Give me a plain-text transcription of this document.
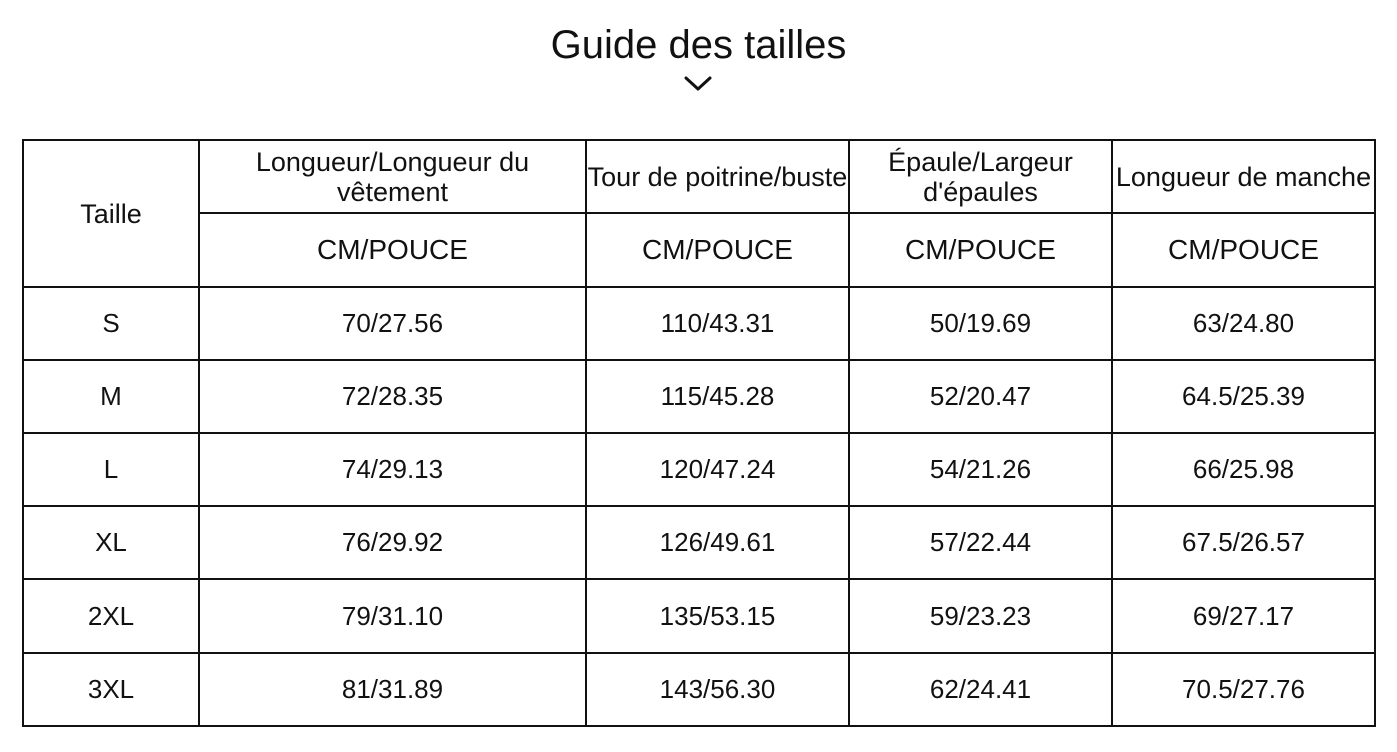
Guide des tailles
Taille	Longueur/Longueur du vêtement	Tour de poitrine/buste	Épaule/Largeur d'épaules	Longueur de manche
	CM/POUCE	CM/POUCE	CM/POUCE	CM/POUCE
S	70/27.56	110/43.31	50/19.69	63/24.80
M	72/28.35	115/45.28	52/20.47	64.5/25.39
L	74/29.13	120/47.24	54/21.26	66/25.98
XL	76/29.92	126/49.61	57/22.44	67.5/26.57
2XL	79/31.10	135/53.15	59/23.23	69/27.17
3XL	81/31.89	143/56.30	62/24.41	70.5/27.76
